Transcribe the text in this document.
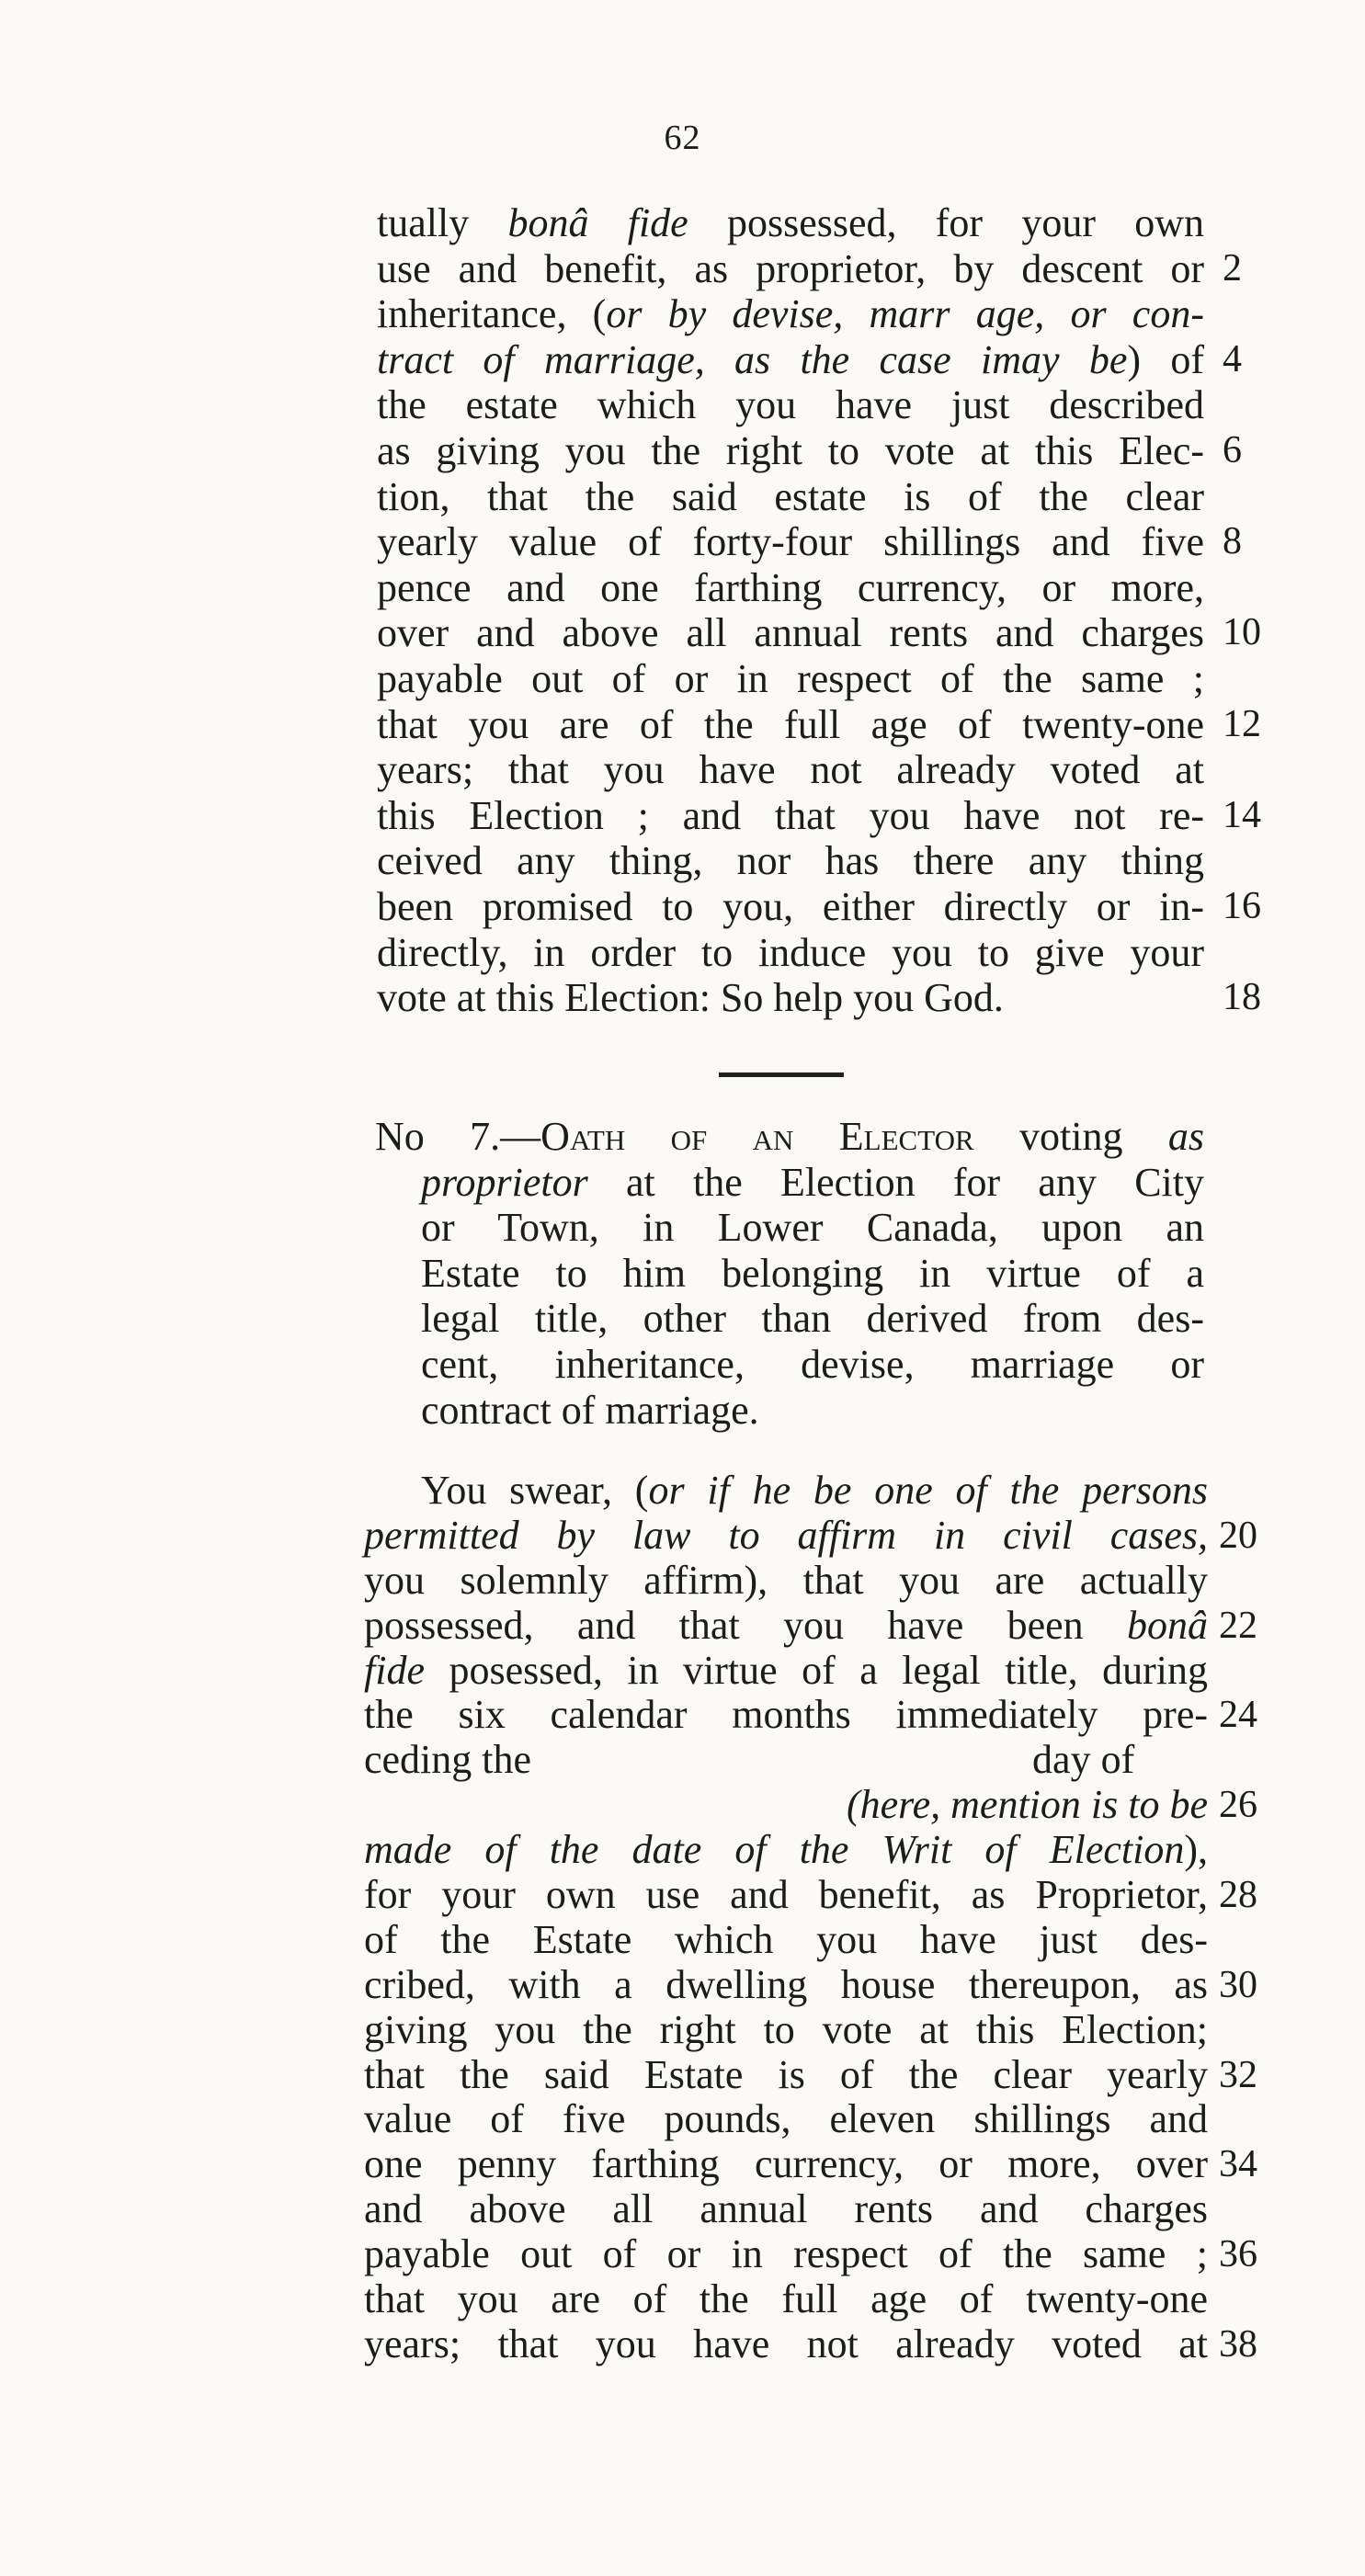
62
tually bonâ fide possessed, for your own
use and benefit, as proprietor, by descent or 2
inheritance, (or by devise, marr age, or con-
tract of marriage, as the case imay be) of 4
the estate which you have just described
as giving you the right to vote at this Elec- 6
tion, that the said estate is of the clear
yearly value of forty-four shillings and five 8
pence and one farthing currency, or more,
over and above all annual rents and charges 10
payable out of or in respect of the same ;
that you are of the full age of twenty-one 12
years; that you have not already voted at
this Election ; and that you have not re- 14
ceived any thing, nor has there any thing
been promised to you, either directly or in- 16
directly, in order to induce you to give your
vote at this Election: So help you God.	18
No 7.—Oath of an Elector voting as
proprietor at the Election for any City
or Town, in Lower Canada, upon an
Estate to him belonging in virtue of a
legal title, other than derived from des-
cent, inheritance, devise, marriage or
contract of marriage.
You swear, (or if he be one of the persons
permitted by law to affirm in civil cases, 20
you solemnly affirm), that you are actually
possessed, and that you have been bonâ 22
fide posessed, in virtue of a legal title, during
the six calendar months immediately pre- 24
ceding the	day of
(here, mention is to be 26
made of the date of the Writ of Election),
for your own use and benefit, as Proprietor, 28
of the Estate which you have just des-
cribed, with a dwelling house thereupon, as 30
giving you the right to vote at this Election;
that the said Estate is of the clear yearly 32
value of five pounds, eleven shillings and
one penny farthing currency, or more, over 34
and above all annual rents and charges
payable out of or in respect of the same ; 36
that you are of the full age of twenty-one
years; that you have not already voted at 38
